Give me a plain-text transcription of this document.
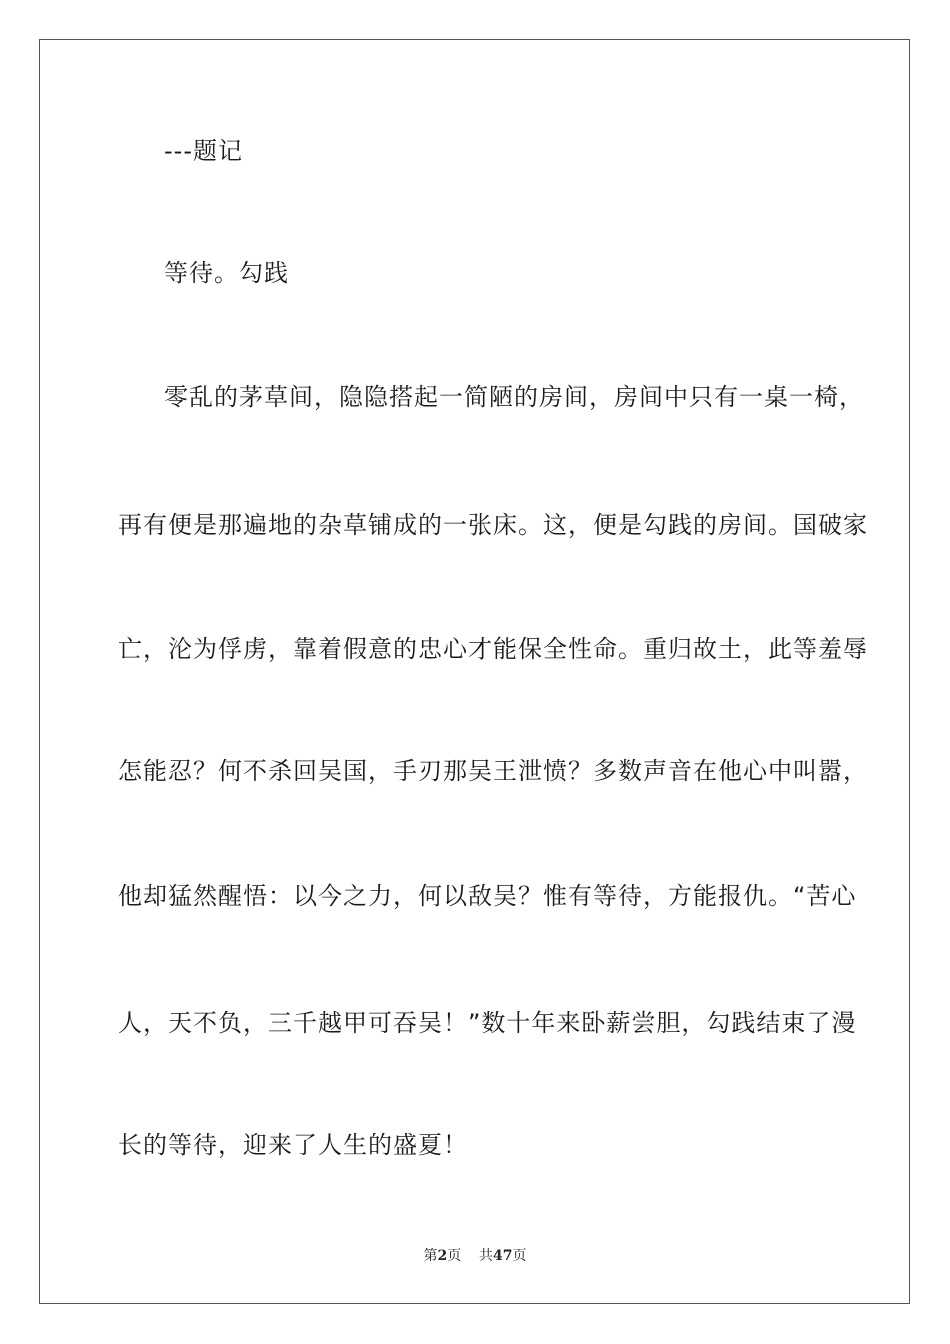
---题记
等待。勾践
零乱的茅草间，隐隐搭起一简陋的房间，房间中只有一桌一椅，
再有便是那遍地的杂草铺成的一张床。这，便是勾践的房间。国破家
亡，沦为俘虏，靠着假意的忠心才能保全性命。重归故土，此等羞辱
怎能忍？何不杀回吴国，手刃那吴王泄愤？多数声音在他心中叫嚣，
他却猛然醒悟：以今之力，何以敌吴？惟有等待，方能报仇。“苦心
人，天不负，三千越甲可吞吴！”数十年来卧薪尝胆，勾践结束了漫
长的等待，迎来了人生的盛夏！
第2页 共47页
